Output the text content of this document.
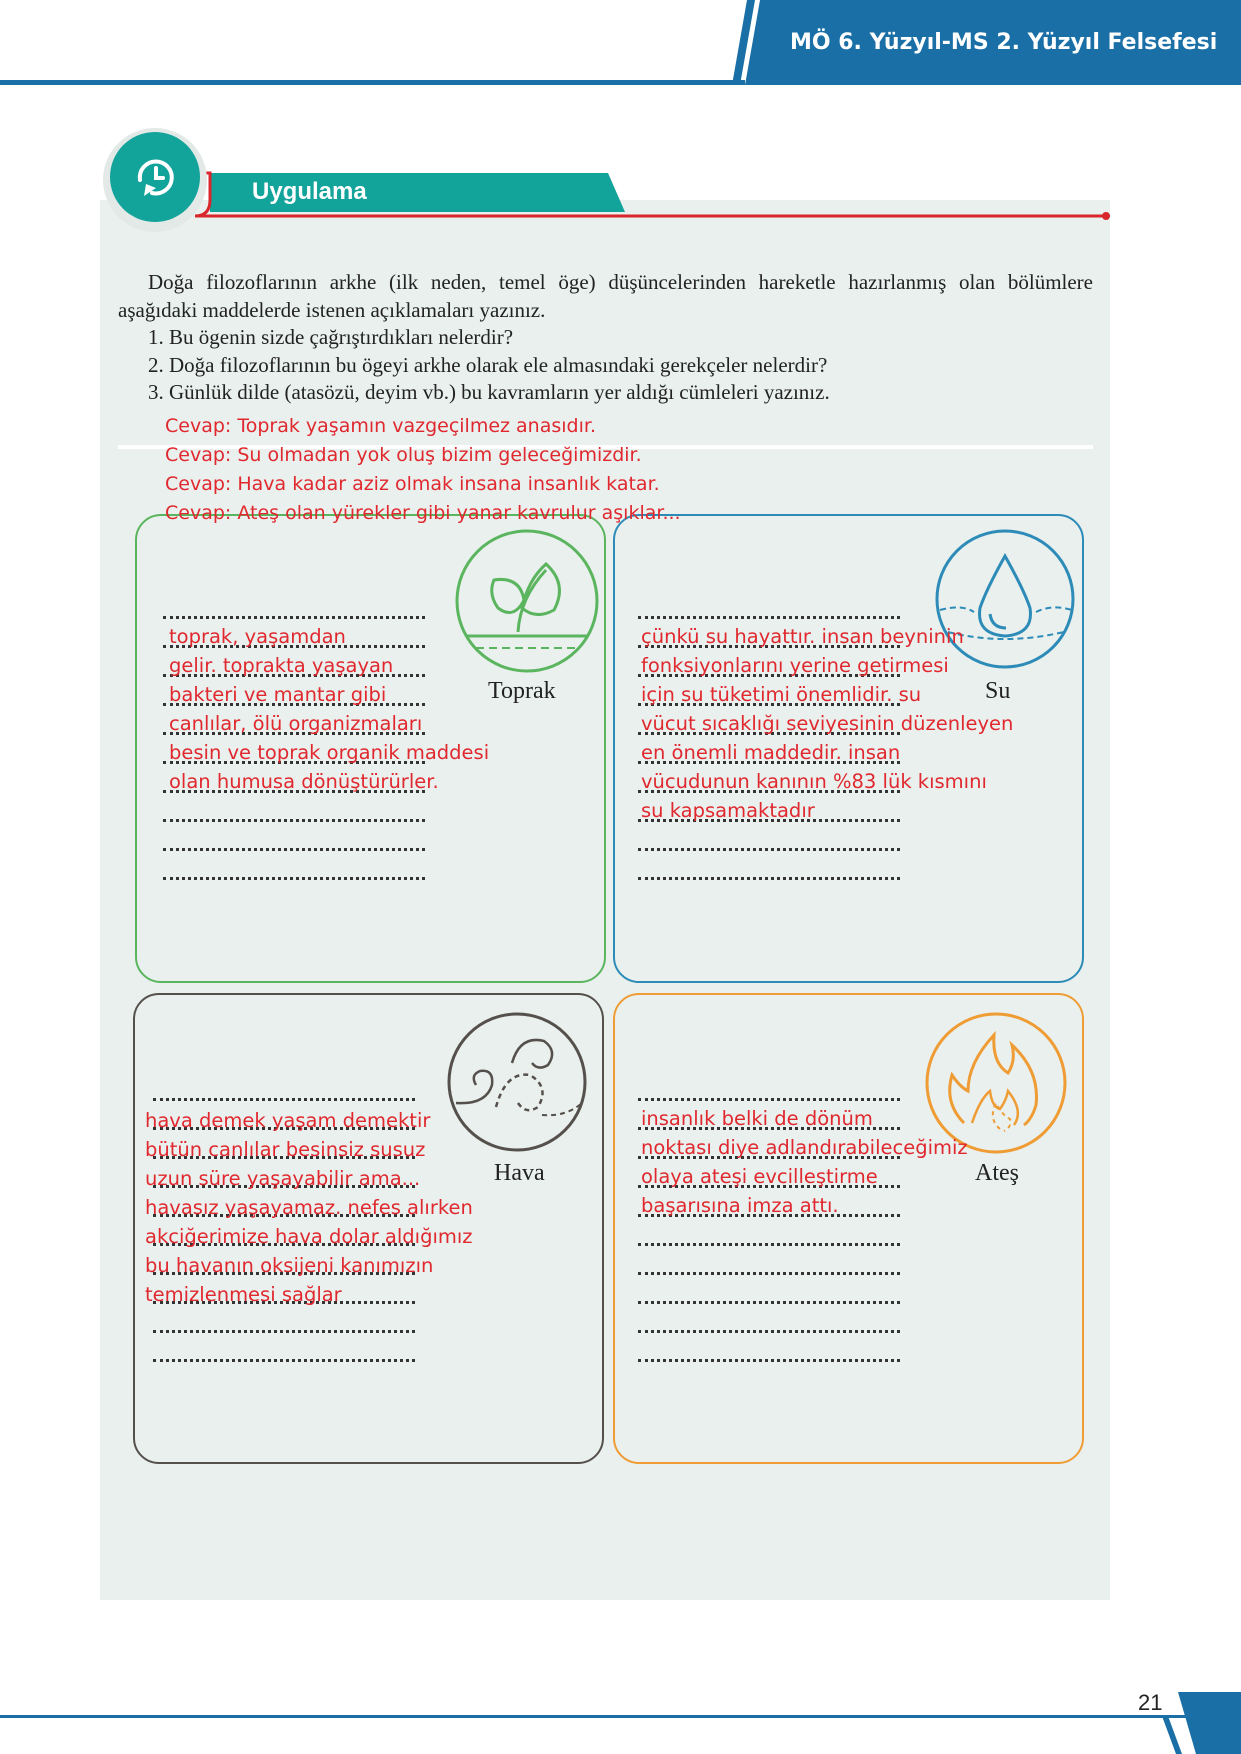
MÖ 6. Yüzyıl-MS 2. Yüzyıl Felsefesi
Uygulama

Doğa filozoflarının arkhe (ilk neden, temel öge) düşüncelerinden hareketle hazırlanmış olan bölümlere aşağıdaki maddelerde istenen açıklamaları yazınız.

1. Bu ögenin sizde çağrıştırdıkları nelerdir?
2. Doğa filozoflarının bu ögeyi arkhe olarak ele almasındaki gerekçeler nelerdir?
3. Günlük dilde (atasözü, deyim vb.) bu kavramların yer aldığı cümleleri yazınız.
Cevap: Toprak yaşamın vazgeçilmez anasıdır.
Cevap: Su olmadan yok oluş bizim geleceğimizdir.
Cevap: Hava kadar aziz olmak insana insanlık katar.
Cevap: Ateş olan yürekler gibi yanar kavrulur aşıklar...
Toprak	Su
Hava	Ateş
toprak, yaşamdan
gelir. toprakta yaşayan
bakteri ve mantar gibi
canlılar, ölü organizmaları
besin ve toprak organik maddesi
olan humusa dönüştürürler.
çünkü su hayattır. insan beyninin
fonksiyonlarını yerine getirmesi
için su tüketimi önemlidir. su
vücut sıcaklığı seviyesinin düzenleyen
en önemli maddedir. insan
vücudunun kanının %83 lük kısmını
su kapsamaktadır
hava demek yaşam demektir
bütün canlılar besinsiz susuz
uzun süre yaşayabilir ama...
havasız yaşayamaz. nefes alırken
akciğerimize hava dolar aldığımız
bu havanın oksijeni kanımızın
temizlenmesi sağlar
insanlık belki de dönüm
noktası diye adlandırabileceğimiz
olaya ateşi evcilleştirme
başarısına imza attı.
21
